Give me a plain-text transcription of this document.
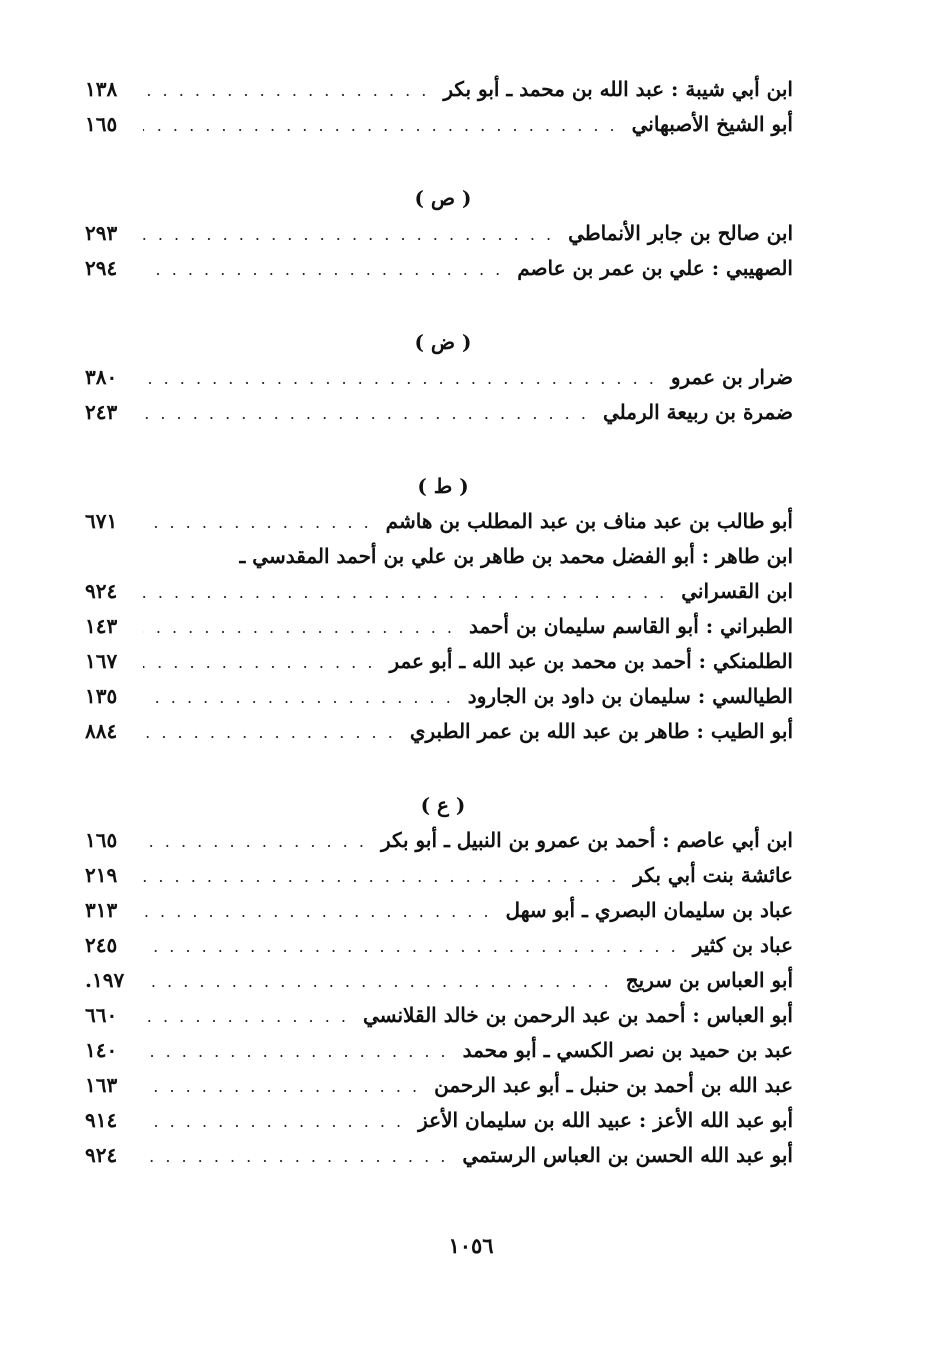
ابن أبي شيبة : عبد الله بن محمد ـ أبو بكر
. . .
١٣٨
أبو الشيخ الأصبهاني
. . .
١٦٥
( ص )
ابن صالح بن جابر الأنماطي
. . .
٢٩٣
الصهيبي : علي بن عمر بن عاصم
. . .
٢٩٤
( ض )
ضرار بن عمرو
. . .
٣٨٠
ضمرة بن ربيعة الرملي
. . .
٢٤٣
( ط )
أبو طالب بن عبد مناف بن عبد المطلب بن هاشم
. . .
٦٧١
ابن طاهر : أبو الفضل محمد بن طاهر بن علي بن أحمد المقدسي ـ
ابن القسراني
. . .
٩٢٤
الطبراني : أبو القاسم سليمان بن أحمد
. . .
١٤٣
الطلمنكي : أحمد بن محمد بن عبد الله ـ أبو عمر
. . .
١٦٧
الطيالسي : سليمان بن داود بن الجارود
. . .
١٣٥
أبو الطيب : طاهر بن عبد الله بن عمر الطبري
. . .
٨٨٤
( ع )
ابن أبي عاصم : أحمد بن عمرو بن النبيل ـ أبو بكر
. . .
١٦٥
عائشة بنت أبي بكر
. . .
٢١٩
عباد بن سليمان البصري ـ أبو سهل
. . .
٣١٣
عباد بن كثير
. . .
٢٤٥
أبو العباس بن سريج
. . .
١٩٧.
أبو العباس : أحمد بن عبد الرحمن بن خالد القلانسي
. . .
٦٦٠
عبد بن حميد بن نصر الكسي ـ أبو محمد
. . .
١٤٠
عبد الله بن أحمد بن حنبل ـ أبو عبد الرحمن
. . .
١٦٣
أبو عبد الله الأعز : عبيد الله بن سليمان الأعز
. . .
٩١٤
أبو عبد الله الحسن بن العباس الرستمي
. . .
٩٢٤
١٠٥٦
